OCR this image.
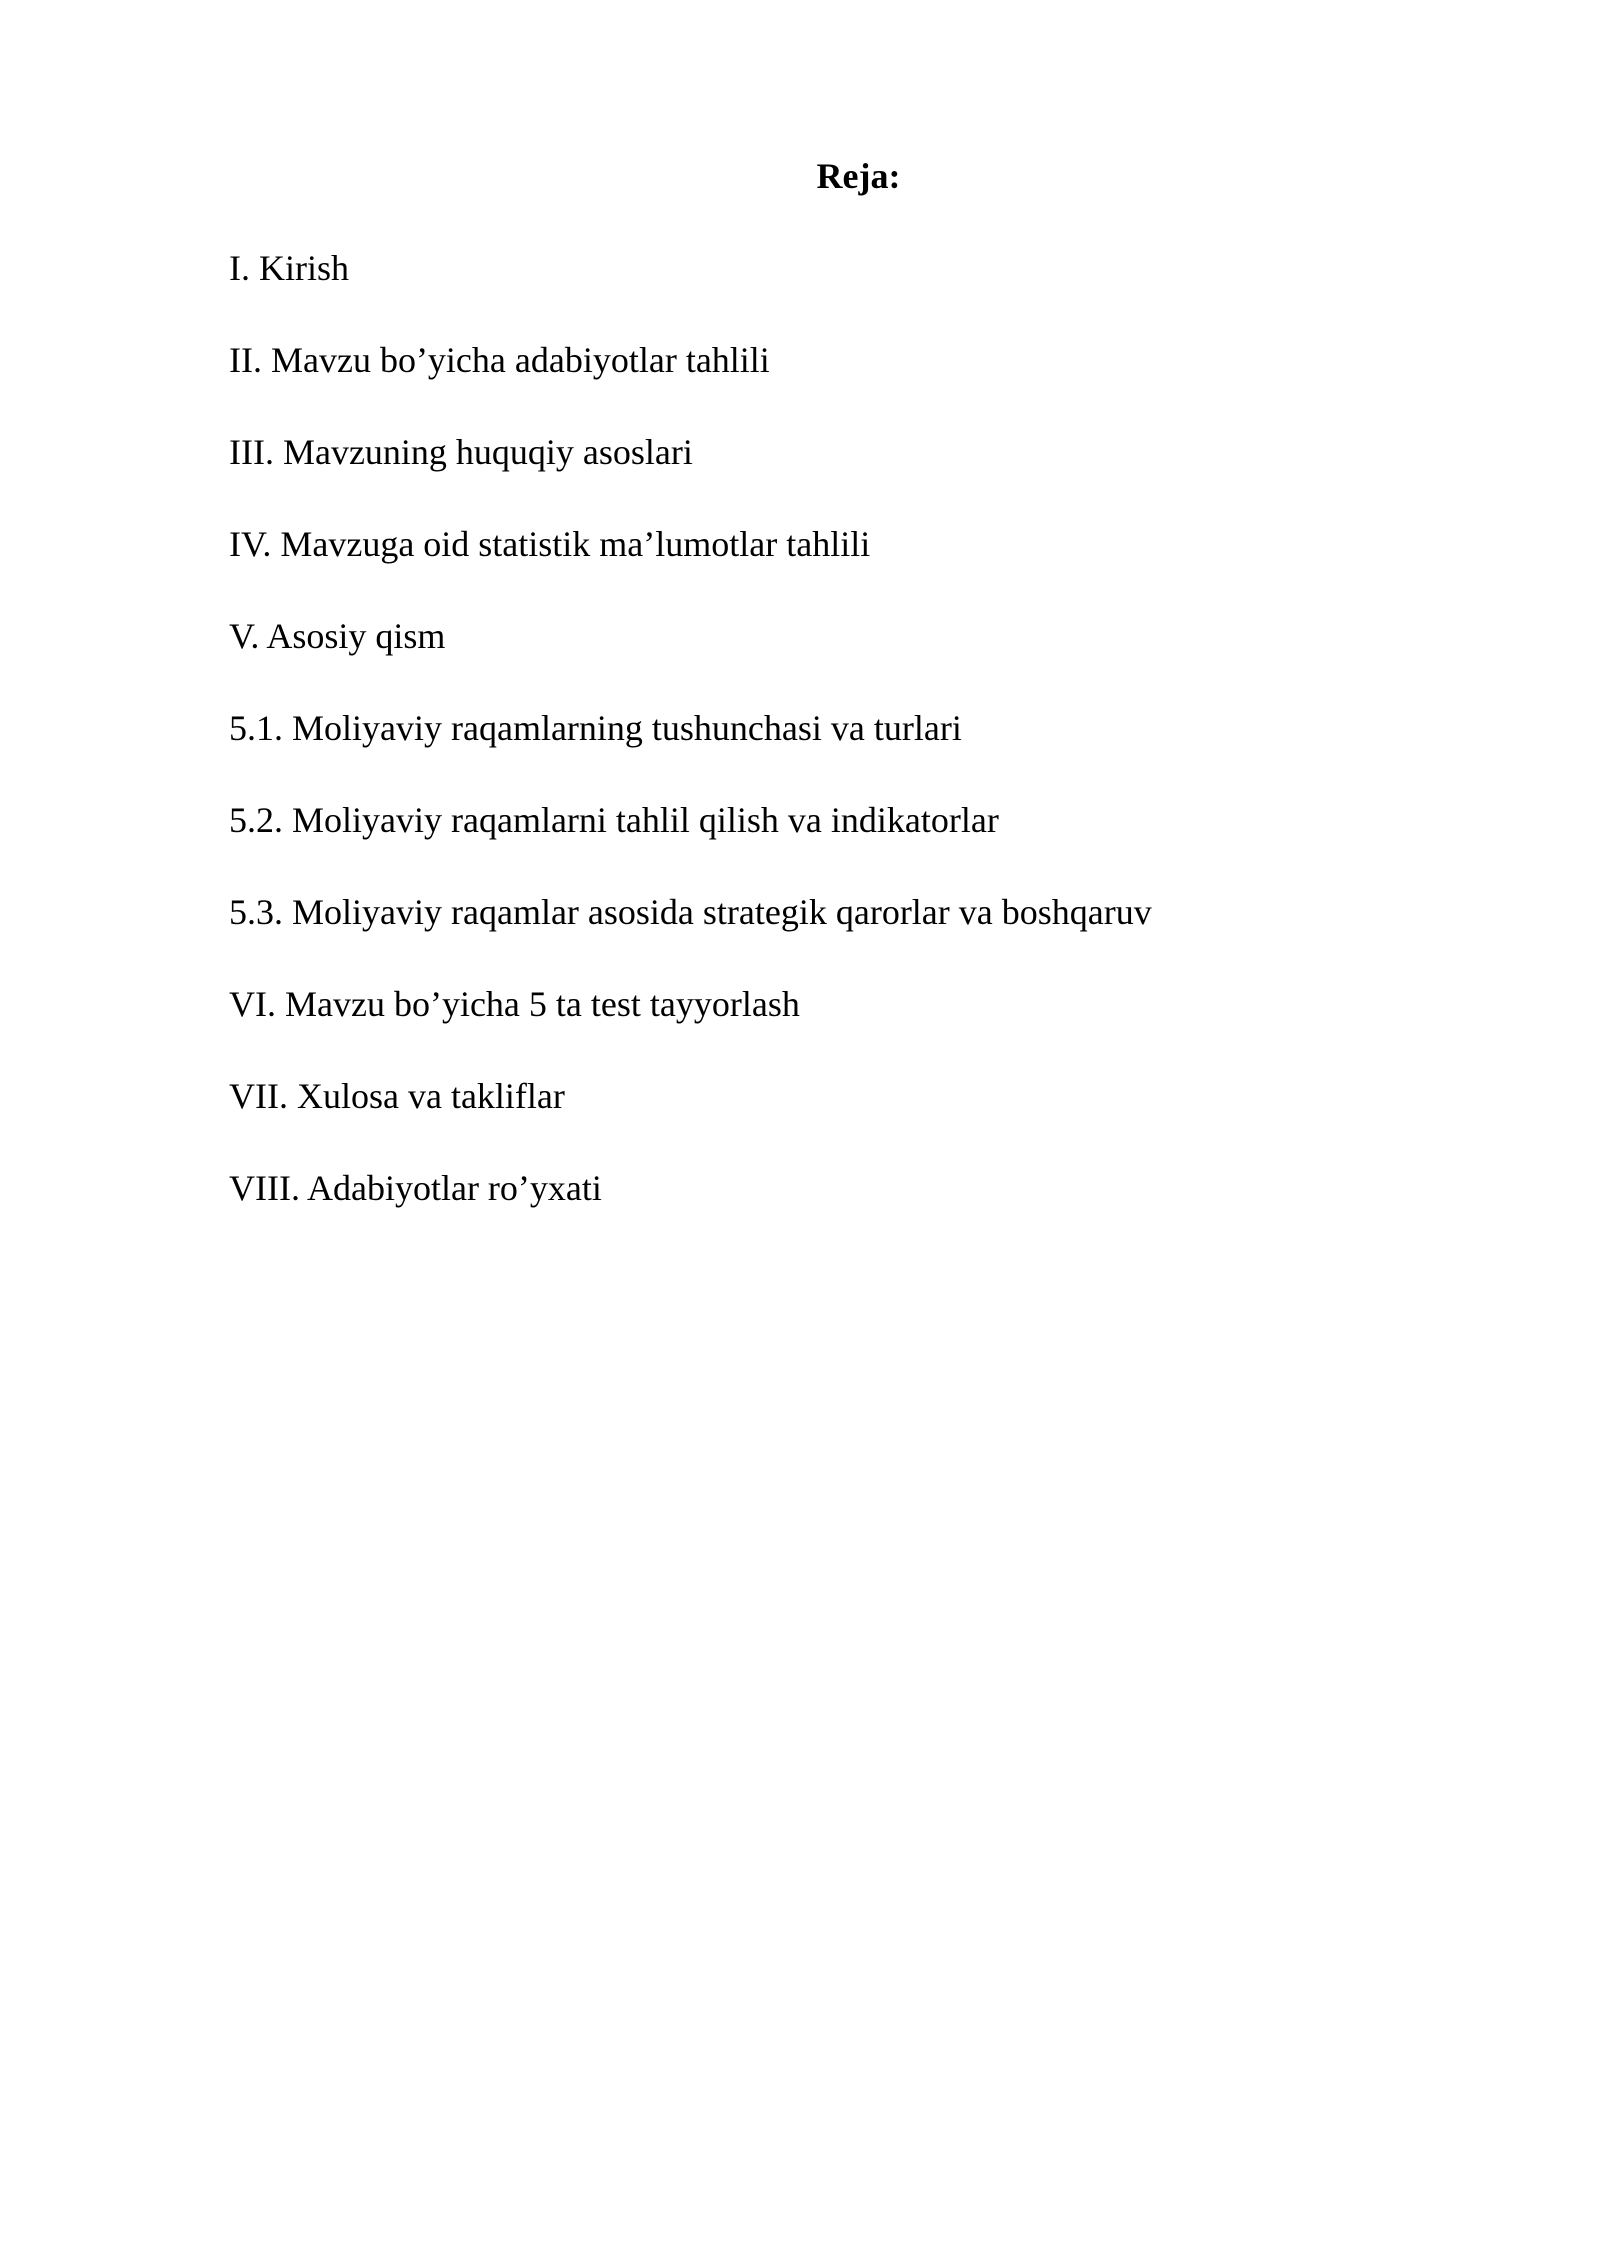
Reja:
I. Kirish
II. Mavzu bo’yicha adabiyotlar tahlili
III. Mavzuning huquqiy asoslari
IV. Mavzuga oid statistik ma’lumotlar tahlili
V. Asosiy qism
5.1. Moliyaviy raqamlarning tushunchasi va turlari
5.2. Moliyaviy raqamlarni tahlil qilish va indikatorlar
5.3. Moliyaviy raqamlar asosida strategik qarorlar va boshqaruv
VI. Mavzu bo’yicha 5 ta test tayyorlash
VII. Xulosa va takliflar
VIII. Adabiyotlar ro’yxati
